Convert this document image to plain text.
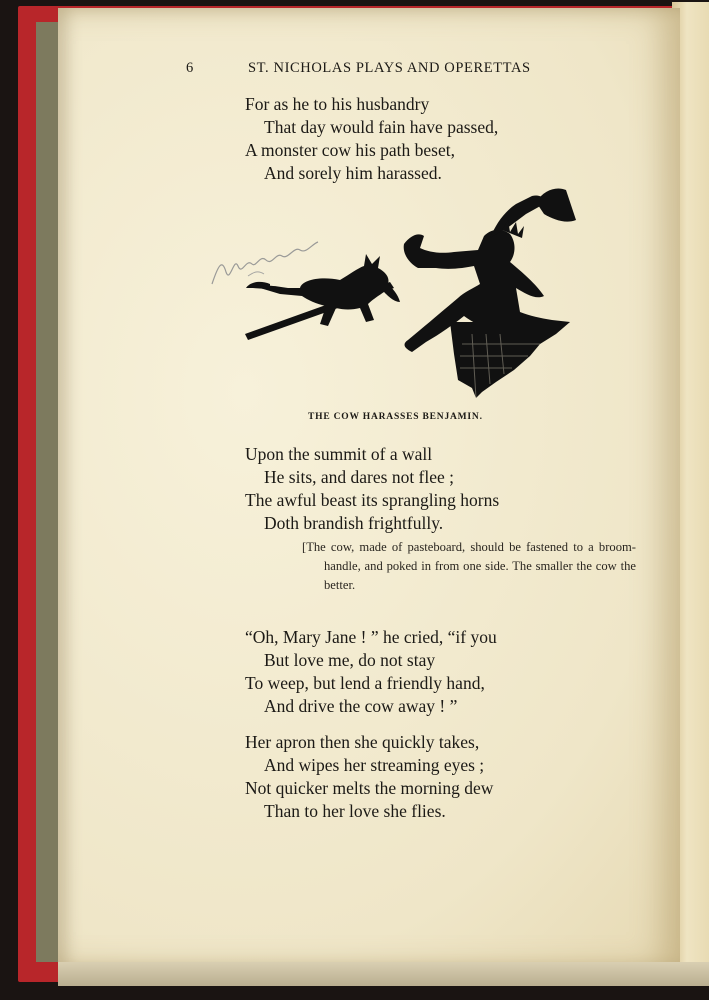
6	ST. NICHOLAS PLAYS AND OPERETTAS
For as he to his husbandry
That day would fain have passed,
A monster cow his path beset,
And sorely him harassed.
THE COW HARASSES BENJAMIN.
Upon the summit of a wall
He sits, and dares not flee ;
The awful beast its sprangling horns
Doth brandish frightfully.

[The cow, made of pasteboard, should be fastened to a broom-handle, and poked in from one side. The smaller the cow the better.

“Oh, Mary Jane ! ” he cried, “if you
But love me, do not stay
To weep, but lend a friendly hand,
And drive the cow away ! ”
Her apron then she quickly takes,
And wipes her streaming eyes ;
Not quicker melts the morning dew
Than to her love she flies.
